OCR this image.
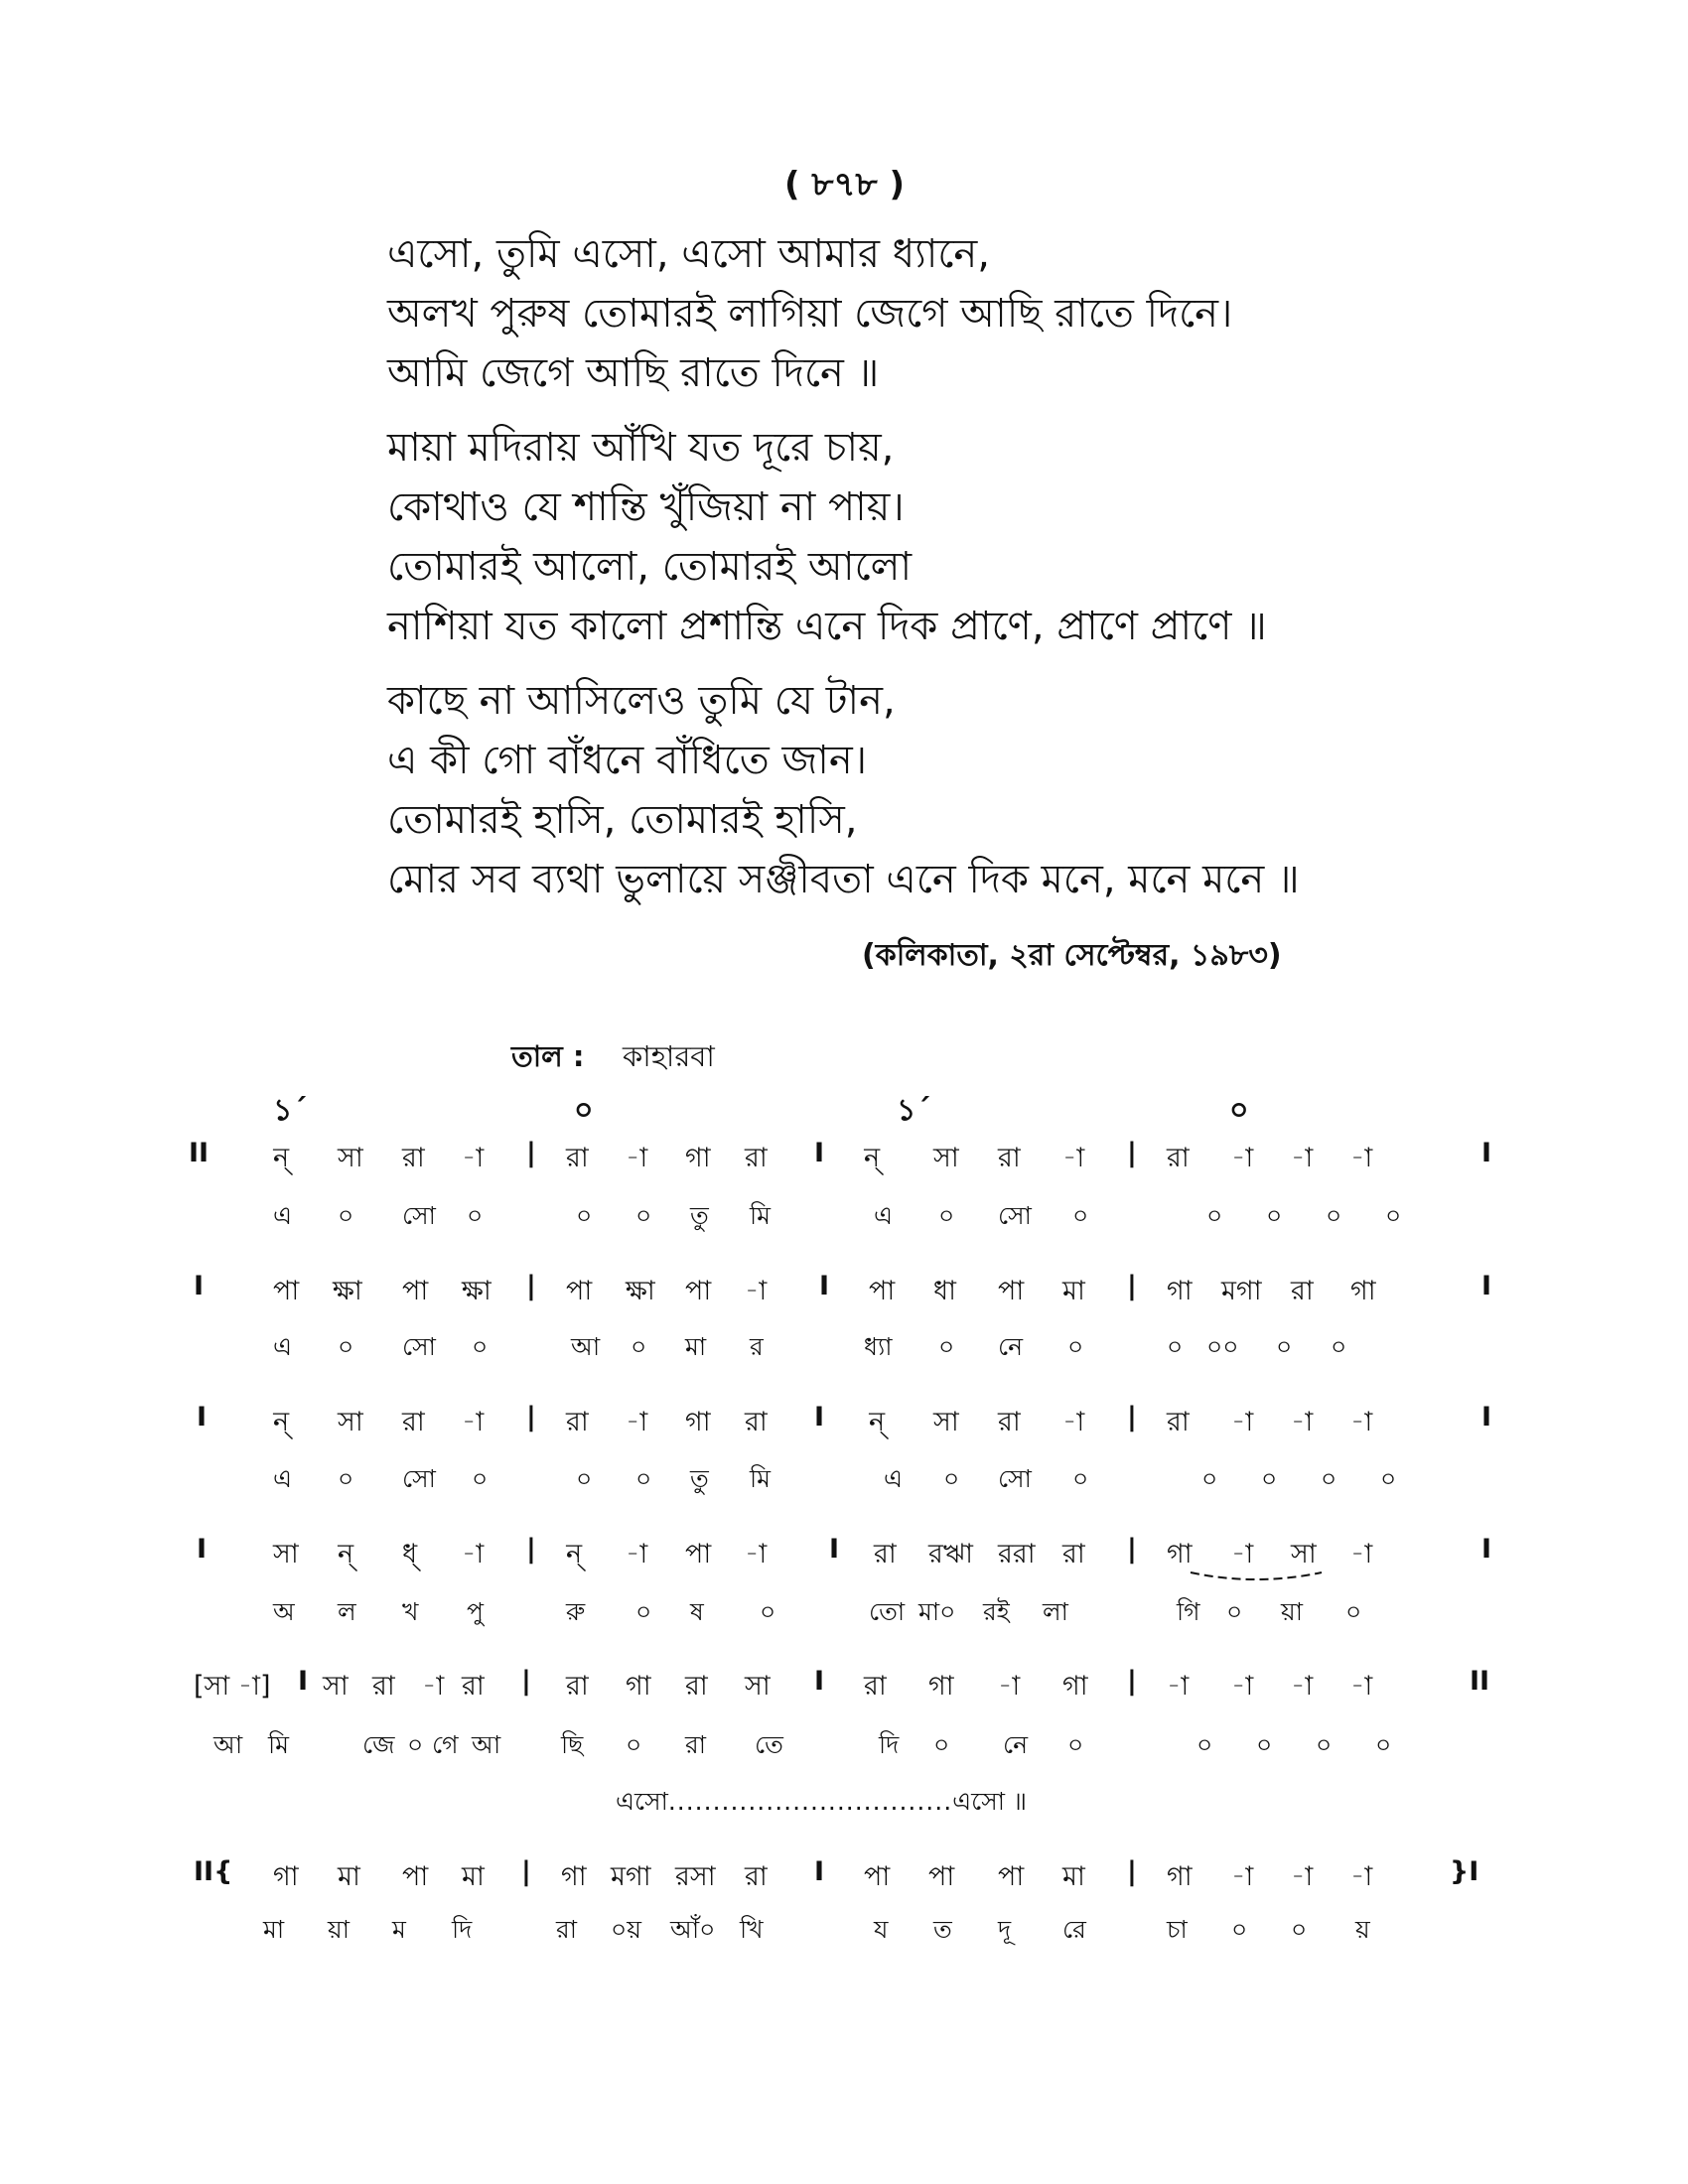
( ৮৭৮ )
এসো, তুমি এসো, এসো আমার ধ্যানে,
অলখ পুরুষ তোমারই লাগিয়া জেগে আছি রাতে দিনে।
আমি জেগে আছি রাতে দিনে ॥
মায়া মদিরায় আঁখি যত দূরে চায়,
কোথাও যে শান্তি খুঁজিয়া না পায়।
তোমারই আলো, তোমারই আলো
নাশিয়া যত কালো প্রশান্তি এনে দিক প্রাণে, প্রাণে প্রাণে ॥
কাছে না আসিলেও তুমি যে টান,
এ কী গো বাঁধনে বাঁধিতে জান।
তোমারই হাসি, তোমারই হাসি,
মোর সব ব্যথা ভুলায়ে সঞ্জীবতা এনে দিক মনে, মনে মনে ॥
(কলিকাতা, ২রা সেপ্টেম্বর, ১৯৮৩)
তাল : কাহারবা
১´	০	১´	০
II ন্ সা রা -া | রা -া গা রা I ন্ সা রা -া | রা -া -া -া	I
এ ০ সো ০	০ ০ তু মি	এ ০ সো ০	০ ০ ০ ০
I	পা ক্ষা পা ক্ষা | পা ক্ষা পা -া I পা ধা পা মা | গা মগা রা গা	I
এ ০ সো ০	আ ০ মা র	ধ্যা ০ নে ০	০ ০০ ০ ০
I ন্ সা রা -া | রা -া গা রা I ন্ সা রা -া | রা -া -া -া	I
এ ০ সো ০	০ ০ তু মি	এ ০ সো ০	০ ০ ০ ০
I সা ন্ ধ্ -া | ন্ -া পা -া I রা রঋা ররা রা | গা -া সা -া	I
অ ল খ পু	রু ০ ষ ০	তো মা০ রই লা	গি ০ য়া ০
[সা -া] I সা রা -া রা | রা গা রা সা I রা গা -া গা | -া -া -া -া	II
আ মি	জে ০ গে আ ছি ০ রা তে	দি ০ নে ০	০ ০ ০ ০
এসো................................এসো ॥
II{ গা মা পা মা | গা মগা রসা রা I পা পা পা মা | গা -া -া -া	}I
মা য়া ম দি	রা ০য় আঁ০ খি	য ত দূ রে	চা ০ ০ য়
